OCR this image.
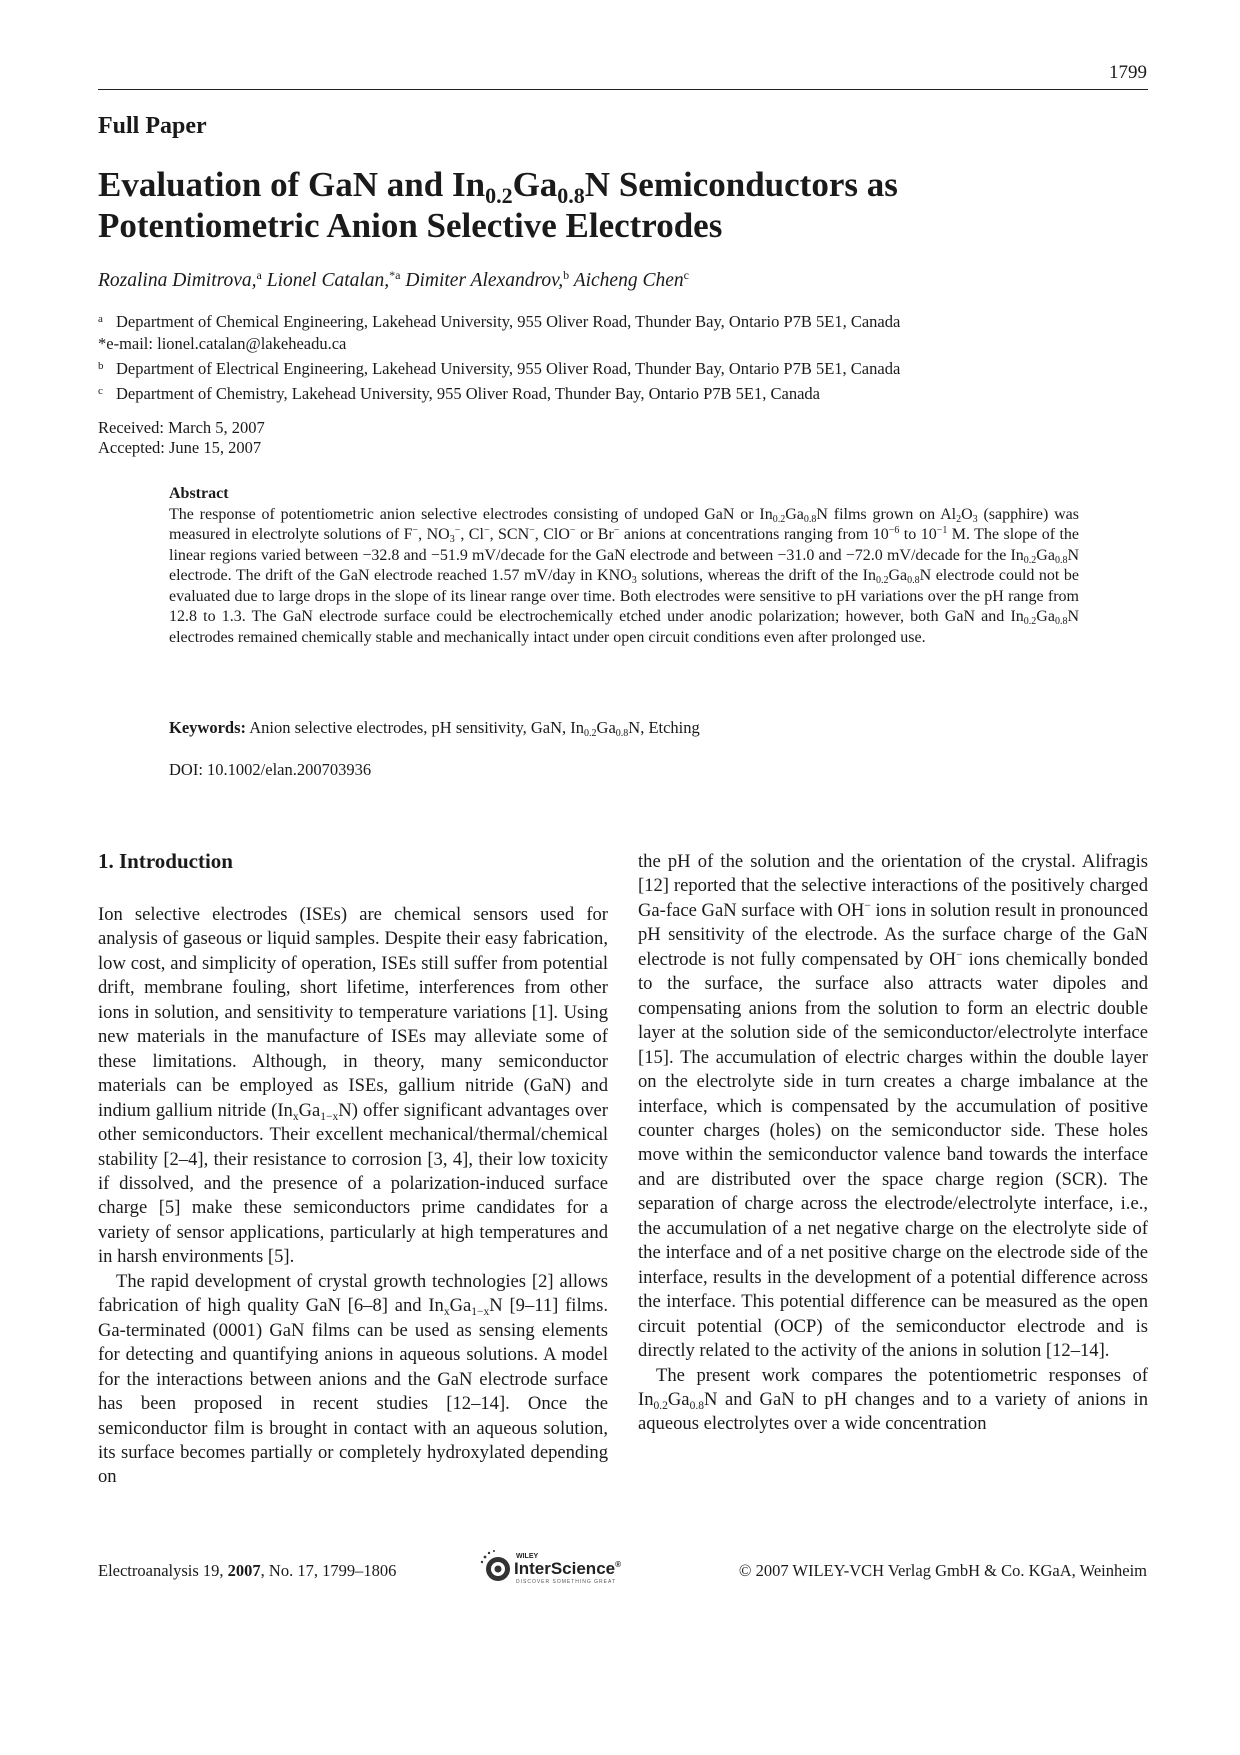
1799
Full Paper
Evaluation of GaN and $In_{0.2}Ga_{0.8}N$ Semiconductors as
Potentiometric Anion Selective Electrodes
Rozalina Dimitrova,$^a$ Lionel Catalan,$^{*a}$ Dimiter Alexandrov,$^b$ Aicheng Chen$^c$
a Department of Chemical Engineering, Lakehead University, 955 Oliver Road, Thunder Bay, Ontario P7B 5E1, Canada
*e-mail: lionel.catalan@lakeheadu.ca
b Department of Electrical Engineering, Lakehead University, 955 Oliver Road, Thunder Bay, Ontario P7B 5E1, Canada
c Department of Chemistry, Lakehead University, 955 Oliver Road, Thunder Bay, Ontario P7B 5E1, Canada
Received: March 5, 2007
Accepted: June 15, 2007
Abstract

The response of potentiometric anion selective electrodes consisting of undoped GaN or $In_{0.2}Ga_{0.8}N$ films grown on $Al_2O_3$ (sapphire) was measured in electrolyte solutions of F−, $NO_3^-$, Cl−, SCN−, ClO− or Br− anions at concentrations ranging from $10^{-6}$ to $10^{-1}$ M. The slope of the linear regions varied between −32.8 and −51.9 mV/decade for the GaN electrode and between −31.0 and −72.0 mV/decade for the $In_{0.2}Ga_{0.8}N$ electrode. The drift of the GaN electrode reached 1.57 mV/day in $KNO_3$ solutions, whereas the drift of the $In_{0.2}Ga_{0.8}N$ electrode could not be evaluated due to large drops in the slope of its linear range over time. Both electrodes were sensitive to pH variations over the pH range from 12.8 to 1.3. The GaN electrode surface could be electrochemically etched under anodic polarization; however, both GaN and $In_{0.2}Ga_{0.8}N$ electrodes remained chemically stable and mechanically intact under open circuit conditions even after prolonged use.

Keywords: Anion selective electrodes, pH sensitivity, GaN, $In_{0.2}Ga_{0.8}N$, Etching
DOI: 10.1002/elan.200703936
1. Introduction

Ion selective electrodes (ISEs) are chemical sensors used for analysis of gaseous or liquid samples. Despite their easy fabrication, low cost, and simplicity of operation, ISEs still suffer from potential drift, membrane fouling, short lifetime, interferences from other ions in solution, and sensitivity to temperature variations [1]. Using new materials in the manufacture of ISEs may alleviate some of these limitations. Although, in theory, many semiconductor materials can be employed as ISEs, gallium nitride (GaN) and indium gallium nitride $(In_xGa_{1-x}N)$ offer significant advantages over other semiconductors. Their excellent mechanical/thermal/chemical stability [2–4], their resistance to corrosion [3, 4], their low toxicity if dissolved, and the presence of a polarization-induced surface charge [5] make these semiconductors prime candidates for a variety of sensor applications, particularly at high temperatures and in harsh environments [5].

The rapid development of crystal growth technologies [2] allows fabrication of high quality GaN [6–8] and $In_xGa_{1-x}N$ [9–11] films. Ga-terminated (0001) GaN films can be used as sensing elements for detecting and quantifying anions in aqueous solutions. A model for the interactions between anions and the GaN electrode surface has been proposed in recent studies [12–14]. Once the semiconductor film is brought in contact with an aqueous solution, its surface becomes partially or completely hydroxylated depending on

the pH of the solution and the orientation of the crystal. Alifragis [12] reported that the selective interactions of the positively charged Ga-face GaN surface with OH− ions in solution result in pronounced pH sensitivity of the electrode. As the surface charge of the GaN electrode is not fully compensated by OH− ions chemically bonded to the surface, the surface also attracts water dipoles and compensating anions from the solution to form an electric double layer at the solution side of the semiconductor/electrolyte interface [15]. The accumulation of electric charges within the double layer on the electrolyte side in turn creates a charge imbalance at the interface, which is compensated by the accumulation of positive counter charges (holes) on the semiconductor side. These holes move within the semiconductor valence band towards the interface and are distributed over the space charge region (SCR). The separation of charge across the electrode/electrolyte interface, i.e., the accumulation of a net negative charge on the electrolyte side of the interface and of a net positive charge on the electrode side of the interface, results in the development of a potential difference across the interface. This potential difference can be measured as the open circuit potential (OCP) of the semiconductor electrode and is directly related to the activity of the anions in solution [12–14].

The present work compares the potentiometric responses of $In_{0.2}Ga_{0.8}N$ and GaN to pH changes and to a variety of anions in aqueous electrolytes over a wide concentration

Electroanalysis 19, 2007, No. 17, 1799–1806
WILEY
InterScience®
DISCOVER SOMETHING GREAT
© 2007 WILEY-VCH Verlag GmbH & Co. KGaA, Weinheim
